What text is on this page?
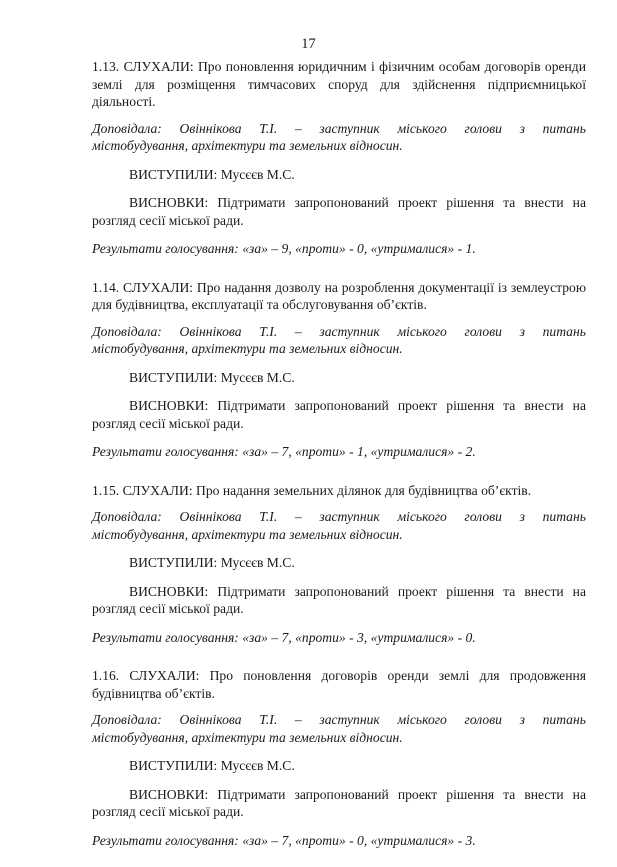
17

1.13. СЛУХАЛИ: Про поновлення юридичним і фізичним особам договорів оренди землі для розміщення тимчасових споруд для здійснення підприємницької діяльності.

Доповідала: Овіннікова Т.І. – заступник міського голови з питань

містобудування, архітектури та земельних відносин.

ВИСТУПИЛИ: Мусєєв М.С.

ВИСНОВКИ: Підтримати запропонований проект рішення та внести на розгляд сесії міської ради.

Результати голосування: «за» – 9, «проти» - 0, «утрималися» - 1.

1.14. СЛУХАЛИ: Про надання дозволу на розроблення документації із землеустрою для будівництва, експлуатації та обслуговування об’єктів.

Доповідала: Овіннікова Т.І. – заступник міського голови з питань

містобудування, архітектури та земельних відносин.

ВИСТУПИЛИ: Мусєєв М.С.

ВИСНОВКИ: Підтримати запропонований проект рішення та внести на розгляд сесії міської ради.

Результати голосування: «за» – 7, «проти» - 1, «утрималися» - 2.

1.15. СЛУХАЛИ: Про надання земельних ділянок для будівництва об’єктів.

Доповідала: Овіннікова Т.І. – заступник міського голови з питань

містобудування, архітектури та земельних відносин.

ВИСТУПИЛИ: Мусєєв М.С.

ВИСНОВКИ: Підтримати запропонований проект рішення та внести на розгляд сесії міської ради.

Результати голосування: «за» – 7, «проти» - 3, «утрималися» - 0.

1.16. СЛУХАЛИ: Про поновлення договорів оренди землі для продовження будівництва об’єктів.

Доповідала: Овіннікова Т.І. – заступник міського голови з питань

містобудування, архітектури та земельних відносин.

ВИСТУПИЛИ: Мусєєв М.С.

ВИСНОВКИ: Підтримати запропонований проект рішення та внести на розгляд сесії міської ради.

Результати голосування: «за» – 7, «проти» - 0, «утрималися» - 3.
